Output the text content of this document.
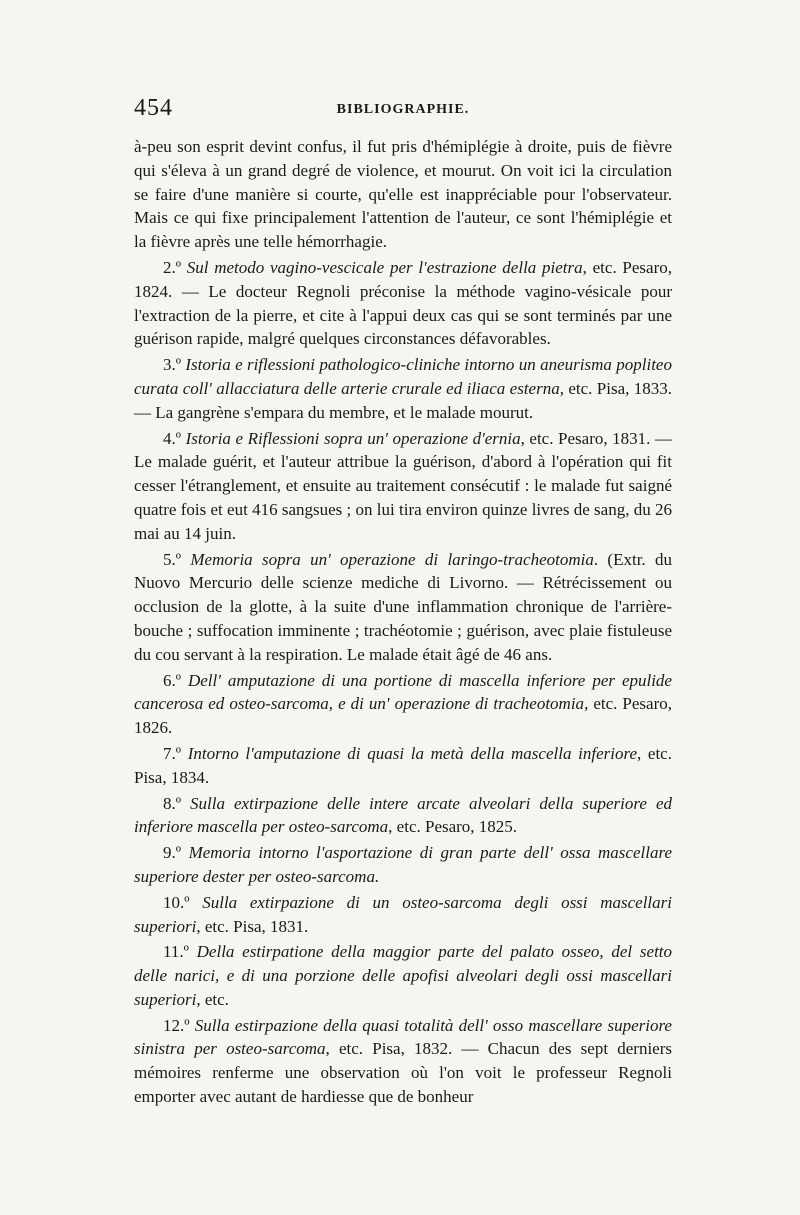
454	BIBLIOGRAPHIE.

à-peu son esprit devint confus, il fut pris d'hémiplégie à droite, puis de fièvre qui s'éleva à un grand degré de violence, et mourut. On voit ici la circulation se faire d'une manière si courte, qu'elle est inappréciable pour l'observateur. Mais ce qui fixe principalement l'attention de l'auteur, ce sont l'hémiplégie et la fièvre après une telle hémorrhagie.

2.º Sul metodo vagino-vescicale per l'estrazione della pietra, etc. Pesaro, 1824. — Le docteur Regnoli préconise la méthode vagino-vésicale pour l'extraction de la pierre, et cite à l'appui deux cas qui se sont terminés par une guérison rapide, malgré quelques circonstances défavorables.

3.º Istoria e riflessioni pathologico-cliniche intorno un aneurisma popliteo curata coll' allacciatura delle arterie crurale ed iliaca esterna, etc. Pisa, 1833. — La gangrène s'empara du membre, et le malade mourut.

4.º Istoria e Riflessioni sopra un' operazione d'ernia, etc. Pesaro, 1831. — Le malade guérit, et l'auteur attribue la guérison, d'abord à l'opération qui fit cesser l'étranglement, et ensuite au traitement consécutif : le malade fut saigné quatre fois et eut 416 sangsues ; on lui tira environ quinze livres de sang, du 26 mai au 14 juin.

5.º Memoria sopra un' operazione di laringo-tracheotomia. (Extr. du Nuovo Mercurio delle scienze mediche di Livorno. — Rétrécissement ou occlusion de la glotte, à la suite d'une inflammation chronique de l'arrière-bouche ; suffocation imminente ; trachéotomie ; guérison, avec plaie fistuleuse du cou servant à la respiration. Le malade était âgé de 46 ans.

6.º Dell' amputazione di una portione di mascella inferiore per epulide cancerosa ed osteo-sarcoma, e di un' operazione di tracheotomia, etc. Pesaro, 1826.

7.º Intorno l'amputazione di quasi la metà della mascella inferiore, etc. Pisa, 1834.

8.º Sulla extirpazione delle intere arcate alveolari della superiore ed inferiore mascella per osteo-sarcoma, etc. Pesaro, 1825.

9.º Memoria intorno l'asportazione di gran parte dell' ossa mascellare superiore dester per osteo-sarcoma.

10.º Sulla extirpazione di un osteo-sarcoma degli ossi mascellari superiori, etc. Pisa, 1831.

11.º Della estirpatione della maggior parte del palato osseo, del setto delle narici, e di una porzione delle apofisi alveolari degli ossi mascellari superiori, etc.

12.º Sulla estirpazione della quasi totalità dell' osso mascellare superiore sinistra per osteo-sarcoma, etc. Pisa, 1832. — Chacun des sept derniers mémoires renferme une observation où l'on voit le professeur Regnoli emporter avec autant de hardiesse que de bonheur
